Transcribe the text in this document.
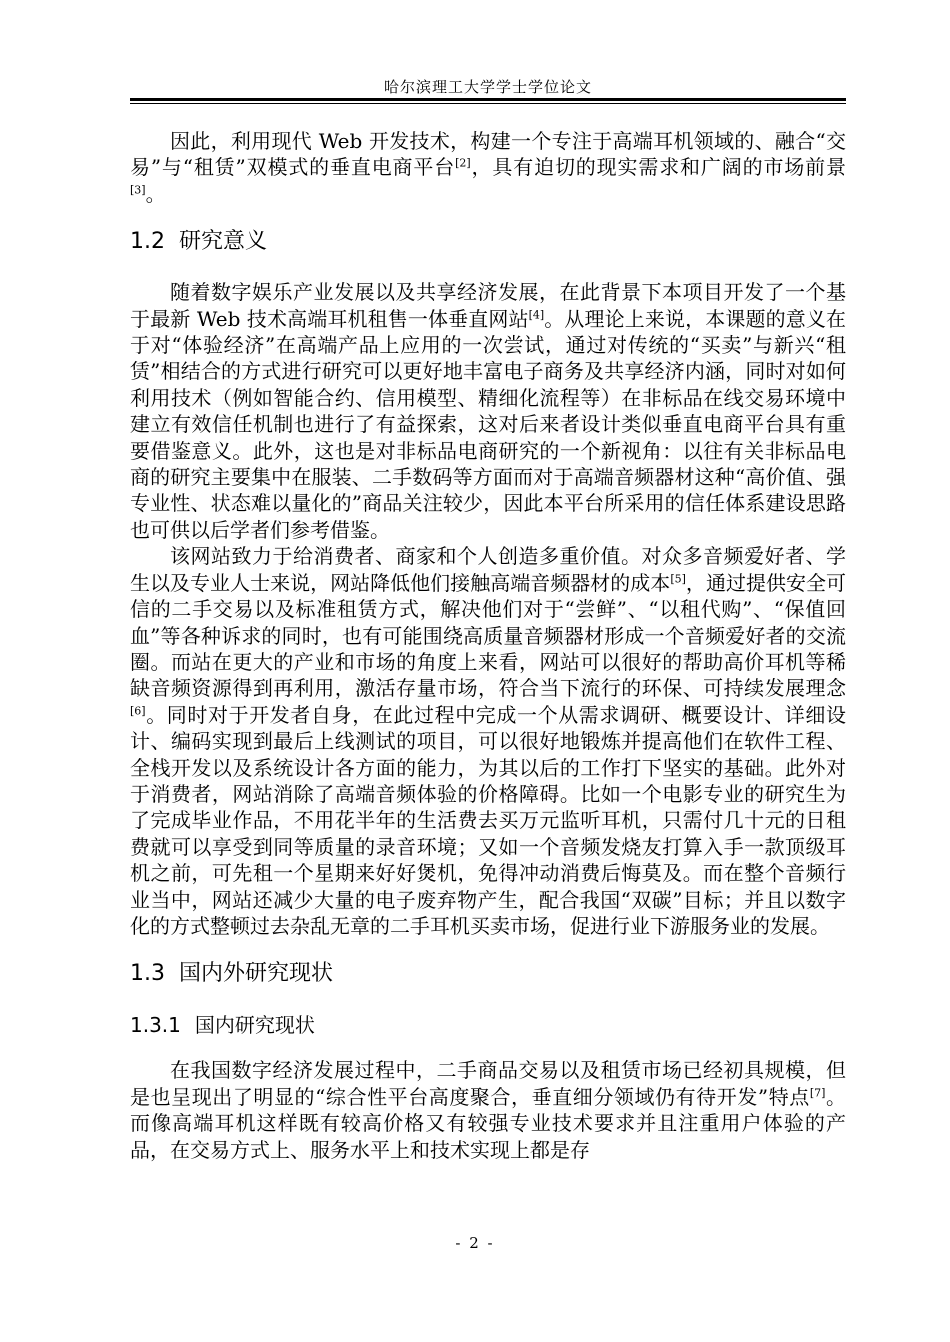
哈尔滨理工大学学士学位论文

因此，利用现代 Web 开发技术，构建一个专注于高端耳机领域的、融合“交易”与“租赁”双模式的垂直电商平台[2]，具有迫切的现实需求和广阔的市场前景[3]。

1.2 研究意义

随着数字娱乐产业发展以及共享经济发展，在此背景下本项目开发了一个基于最新 Web 技术高端耳机租售一体垂直网站[4]。从理论上来说，本课题的意义在于对“体验经济”在高端产品上应用的一次尝试，通过对传统的“买卖”与新兴“租赁”相结合的方式进行研究可以更好地丰富电子商务及共享经济内涵，同时对如何利用技术（例如智能合约、信用模型、精细化流程等）在非标品在线交易环境中建立有效信任机制也进行了有益探索，这对后来者设计类似垂直电商平台具有重要借鉴意义。此外，这也是对非标品电商研究的一个新视角：以往有关非标品电商的研究主要集中在服装、二手数码等方面而对于高端音频器材这种“高价值、强专业性、状态难以量化的”商品关注较少，因此本平台所采用的信任体系建设思路也可供以后学者们参考借鉴。

该网站致力于给消费者、商家和个人创造多重价值。对众多音频爱好者、学生以及专业人士来说，网站降低他们接触高端音频器材的成本[5]，通过提供安全可信的二手交易以及标准租赁方式，解决他们对于“尝鲜”、“以租代购”、“保值回血”等各种诉求的同时，也有可能围绕高质量音频器材形成一个音频爱好者的交流圈。而站在更大的产业和市场的角度上来看，网站可以很好的帮助高价耳机等稀缺音频资源得到再利用，激活存量市场，符合当下流行的环保、可持续发展理念[6]。同时对于开发者自身，在此过程中完成一个从需求调研、概要设计、详细设计、编码实现到最后上线测试的项目，可以很好地锻炼并提高他们在软件工程、全栈开发以及系统设计各方面的能力，为其以后的工作打下坚实的基础。此外对于消费者，网站消除了高端音频体验的价格障碍。比如一个电影专业的研究生为了完成毕业作品，不用花半年的生活费去买万元监听耳机，只需付几十元的日租费就可以享受到同等质量的录音环境；又如一个音频发烧友打算入手一款顶级耳机之前，可先租一个星期来好好煲机，免得冲动消费后悔莫及。而在整个音频行业当中，网站还减少大量的电子废弃物产生，配合我国“双碳”目标；并且以数字化的方式整顿过去杂乱无章的二手耳机买卖市场，促进行业下游服务业的发展。

1.3 国内外研究现状
1.3.1 国内研究现状

在我国数字经济发展过程中，二手商品交易以及租赁市场已经初具规模，但是也呈现出了明显的“综合性平台高度聚合，垂直细分领域仍有待开发”特点[7]。而像高端耳机这样既有较高价格又有较强专业技术要求并且注重用户体验的产品，在交易方式上、服务水平上和技术实现上都是存

- 2 -
